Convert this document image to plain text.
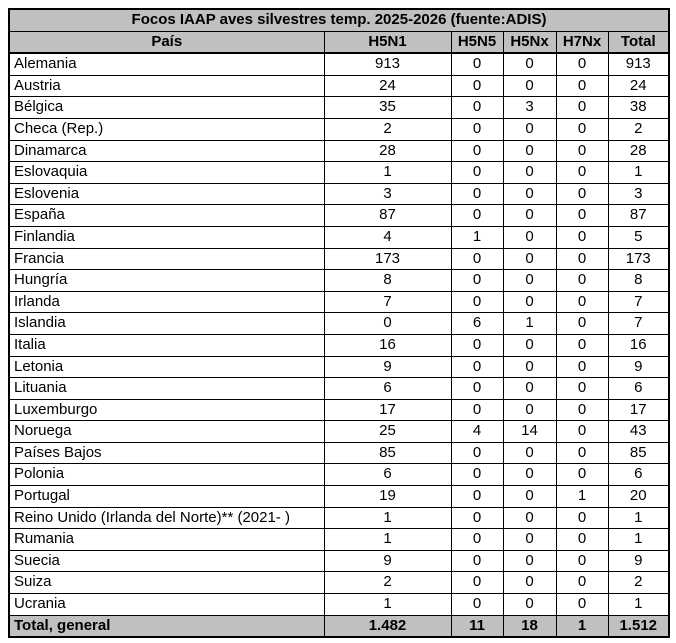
Focos IAAP aves silvestres temp. 2025-2026 (fuente:ADIS)					
País	H5N1	H5N5	H5Nx	H7Nx	Total
Alemania	913	0	0	0	913
Austria	24	0	0	0	24
Bélgica	35	0	3	0	38
Checa (Rep.)	2	0	0	0	2
Dinamarca	28	0	0	0	28
Eslovaquia	1	0	0	0	1
Eslovenia	3	0	0	0	3
España	87	0	0	0	87
Finlandia	4	1	0	0	5
Francia	173	0	0	0	173
Hungría	8	0	0	0	8
Irlanda	7	0	0	0	7
Islandia	0	6	1	0	7
Italia	16	0	0	0	16
Letonia	9	0	0	0	9
Lituania	6	0	0	0	6
Luxemburgo	17	0	0	0	17
Noruega	25	4	14	0	43
Países Bajos	85	0	0	0	85
Polonia	6	0	0	0	6
Portugal	19	0	0	1	20
Reino Unido (Irlanda del Norte)** (2021- )	1	0	0	0	1
Rumania	1	0	0	0	1
Suecia	9	0	0	0	9
Suiza	2	0	0	0	2
Ucrania	1	0	0	0	1
Total, general	1.482	11	18	1	1.512
